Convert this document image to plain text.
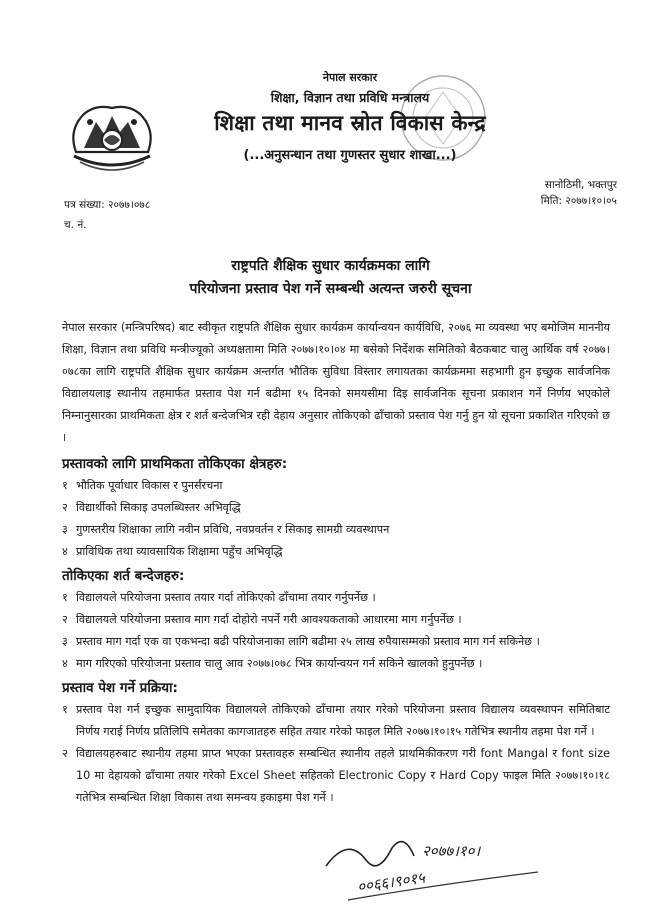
नेपाल सरकार
शिक्षा, विज्ञान तथा प्रविधि मन्त्रालय
शिक्षा तथा मानव स्रोत विकास केन्द्र
(...अनुसन्धान तथा गुणस्तर सुधार शाखा...)
सानोठिमी, भक्तपुर
मिति: २०७७।१०।०५
पत्र संख्या: २०७७।०७८
च. नं.
राष्ट्रपति शैक्षिक सुधार कार्यक्रमका लागि
परियोजना प्रस्ताव पेश गर्ने सम्बन्धी अत्यन्त जरुरी सूचना

नेपाल सरकार (मन्त्रिपरिषद) बाट स्वीकृत राष्ट्रपति शैक्षिक सुधार कार्यक्रम कार्यान्वयन कार्यविधि, २०७६ मा व्यवस्था भए बमोजिम माननीय शिक्षा, विज्ञान तथा प्रविधि मन्त्रीज्यूको अध्यक्षतामा मिति २०७७।१०।०४ मा बसेको निर्देशक समितिको बैठकबाट चालु आर्थिक वर्ष २०७७।०७८का लागि राष्ट्रपति शैक्षिक सुधार कार्यक्रम अन्तर्गत भौतिक सुविधा विस्तार लगायतका कार्यक्रममा सहभागी हुन इच्छुक सार्वजनिक विद्यालयलाइ स्थानीय तहमार्फत प्रस्ताव पेश गर्न बढीमा १५ दिनको समयसीमा दिइ सार्वजनिक सूचना प्रकाशन गर्ने निर्णय भएकोले निम्नानुसारका प्राथमिकता क्षेत्र र शर्त बन्देजभित्र रही देहाय अनुसार तोकिएको ढाँचाको प्रस्ताव पेश गर्नु हुन यो सूचना प्रकाशित गरिएको छ ।

प्रस्तावको लागि प्राथमिकता तोकिएका क्षेत्रहरु:
१ भौतिक पूर्वाधार विकास र पुनर्संरचना
२ विद्यार्थीको सिकाइ उपलब्धिस्तर अभिवृद्धि
३ गुणस्तरीय शिक्षाका लागि नवीन प्रविधि, नवप्रवर्तन र सिकाइ सामग्री व्यवस्थापन
४ प्राविधिक तथा व्यावसायिक शिक्षामा पहुँच अभिवृद्धि
तोकिएका शर्त बन्देजहरु:
१ विद्यालयले परियोजना प्रस्ताव तयार गर्दा तोकिएको ढाँचामा तयार गर्नुपर्नेछ ।
२ विद्यालयले परियोजना प्रस्ताव माग गर्दा दोहोरो नपर्ने गरी आवश्यकताको आधारमा माग गर्नुपर्नेछ ।
३ प्रस्ताव माग गर्दा एक वा एकभन्दा बढी परियोजनाका लागि बढीमा २५ लाख रुपैयासम्मको प्रस्ताव माग गर्न सकिनेछ ।
४ माग गरिएको परियोजना प्रस्ताव चालु आव २०७७।०७८ भित्र कार्यान्वयन गर्न सकिने खालको हुनुपर्नेछ ।
प्रस्ताव पेश गर्ने प्रक्रिया:
१ प्रस्ताव पेश गर्न इच्छुक सामुदायिक विद्यालयले तोकिएको ढाँचामा तयार गरेको परियोजना प्रस्ताव विद्यालय व्यवस्थापन समितिबाट निर्णय गराई निर्णय प्रतिलिपि समेतका कागजातहरु सहित तयार गरेको फाइल मिति २०७७।१०।१५ गतेभित्र स्थानीय तहमा पेश गर्ने ।
२ विद्यालयहरुबाट स्थानीय तहमा प्राप्त भएका प्रस्तावहरु सम्बन्धित स्थानीय तहले प्राथमिकीकरण गरी font Mangal र font size 10 मा देहायको ढाँचामा तयार गरेको Excel Sheet सहितको Electronic Copy र Hard Copy फाइल मिति २०७७।१०।१८ गतेभित्र सम्बन्धित शिक्षा विकास तथा समन्वय इकाइमा पेश गर्ने ।
२०७७।१०।
००६६।९०१५
